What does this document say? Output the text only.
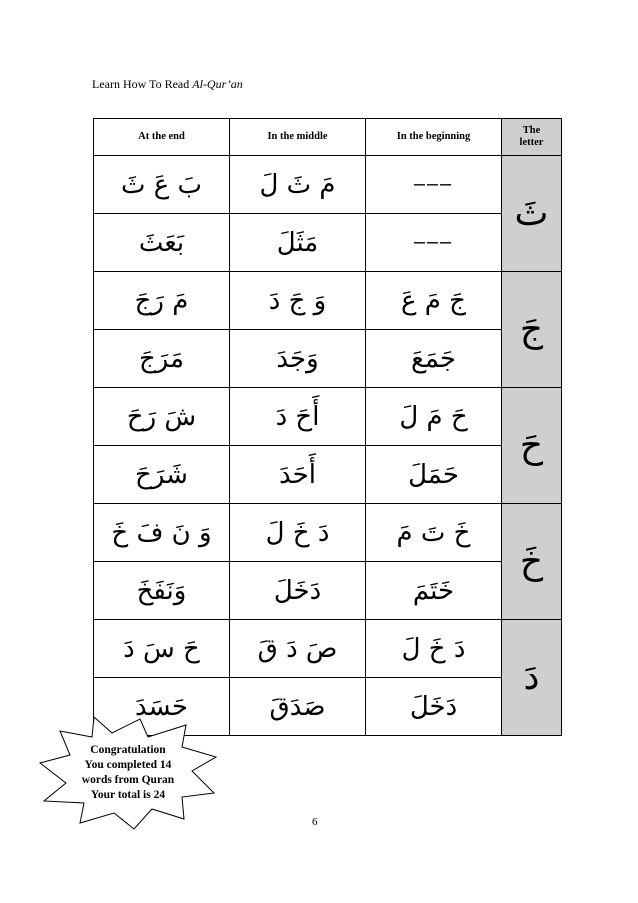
Learn How To Read Al-Qur’an
At the end	In the middle	In the beginning	The
letter
بَ عَ ثَ	مَ ثَ لَ	–––	ثَ
بَعَثَ	مَثَلَ	–––	
مَ رَجَ	وَ جَ دَ	جَ مَ عَ	جَ
مَرَجَ	وَجَدَ	جَمَعَ	
شَ رَحَ	أَحَ دَ	حَ مَ لَ	حَ
شَرَحَ	أَحَدَ	حَمَلَ	
وَ نَ فَ خَ	دَ خَ لَ	خَ تَ مَ	خَ
وَنَفَخَ	دَخَلَ	خَتَمَ	
حَ سَ دَ	صَ دَ قَ	دَ خَ لَ	دَ
حَسَدَ	صَدَقَ	دَخَلَ	
Congratulation
You completed 14
words from Quran
Your total is 24
6
